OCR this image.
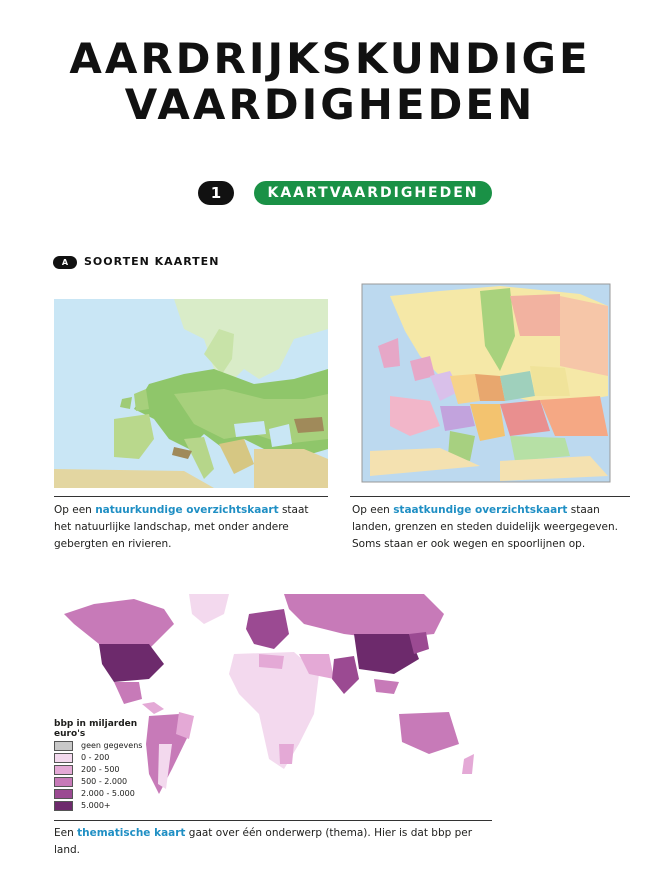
AARDRIJKSKUNDIGE
VAARDIGHEDEN
1	KAARTVAARDIGHEDEN
A	SOORTEN KAARTEN
Op een natuurkundige overzichtskaart staat het natuurlijke landschap, met onder andere gebergten en rivieren.
Op een staatkundige overzichtskaart staan landen, grenzen en steden duidelijk weergegeven. Soms staan er ook wegen en spoorlijnen op.
bbp in miljarden euro's
geen gegevens
0 - 200
200 - 500
500 - 2.000
2.000 - 5.000
5.000+
Een thematische kaart gaat over één onderwerp (thema). Hier is dat bbp per land.
